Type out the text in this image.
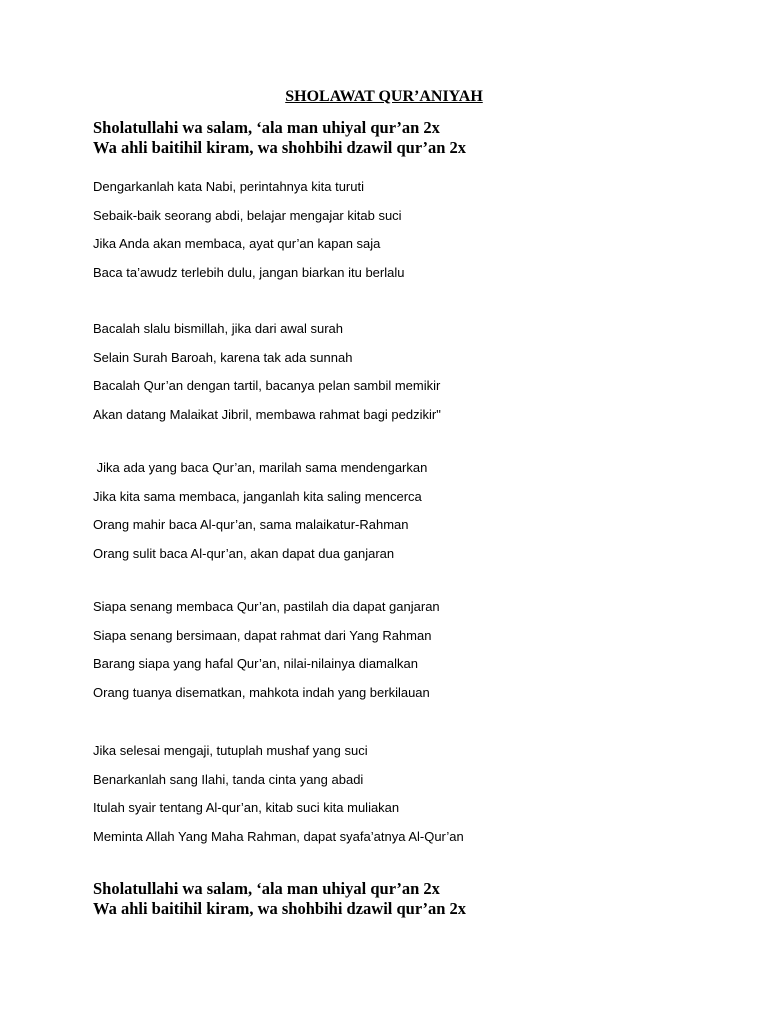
SHOLAWAT QUR’ANIYAH

Sholatullahi wa salam, ‘ala man uhiyal qur’an 2x
Wa ahli baitihil kiram, wa shohbihi dzawil qur’an 2x

Dengarkanlah kata Nabi, perintahnya kita turuti
Sebaik-baik seorang abdi, belajar mengajar kitab suci
Jika Anda akan membaca, ayat qur’an kapan saja
Baca ta’awudz terlebih dulu, jangan biarkan itu berlalu
Bacalah slalu bismillah, jika dari awal surah
Selain Surah Baroah, karena tak ada sunnah
Bacalah Qur’an dengan tartil, bacanya pelan sambil memikir
Akan datang Malaikat Jibril, membawa rahmat bagi pedzikir"
Jika ada yang baca Qur’an, marilah sama mendengarkan
Jika kita sama membaca, janganlah kita saling mencerca
Orang mahir baca Al-qur’an, sama malaikatur-Rahman
Orang sulit baca Al-qur’an, akan dapat dua ganjaran
Siapa senang membaca Qur’an, pastilah dia dapat ganjaran
Siapa senang bersimaan, dapat rahmat dari Yang Rahman
Barang siapa yang hafal Qur’an, nilai-nilainya diamalkan
Orang tuanya disematkan, mahkota indah yang berkilauan
Jika selesai mengaji, tutuplah mushaf yang suci
Benarkanlah sang Ilahi, tanda cinta yang abadi
Itulah syair tentang Al-qur’an, kitab suci kita muliakan
Meminta Allah Yang Maha Rahman, dapat syafa’atnya Al-Qur’an

Sholatullahi wa salam, ‘ala man uhiyal qur’an 2x
Wa ahli baitihil kiram, wa shohbihi dzawil qur’an 2x
